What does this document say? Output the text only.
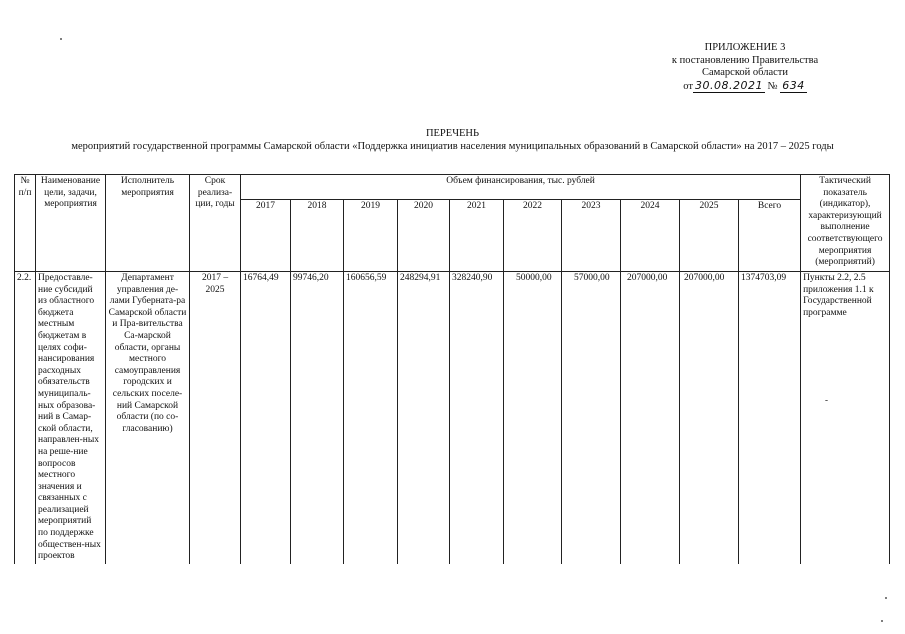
ПРИЛОЖЕНИЕ 3
к постановлению Правительства
Самарской области
от 30.08.2021 № 634
ПЕРЕЧЕНЬ
мероприятий государственной программы Самарской области «Поддержка инициатив населения муниципальных образований в Самарской области» на 2017 – 2025 годы
№ п/п	Наименование цели, задачи, мероприятия	Исполнитель мероприятия	Срок реализа-ции, годы	Объем финансирования, тыс. рублей										Тактический показатель (индикатор), характеризующий выполнение соответствующего мероприятия (мероприятий)
				2017	2018	2019	2020	2021	2022	2023	2024	2025	Всего	
2.2.	Предоставле-ние субсидий из областного бюджета местным бюджетам в целях софи-нансирования расходных обязательств муниципаль-ных образова-ний в Самар-ской области, направлен-ных на реше-ние вопросов местного значения и связанных с реализацией мероприятий по поддержке обществен-ных проектов	Департамент управления де-лами Губерната-ра Самарской области и Пра-вительства Са-марской области, органы местного самоуправления городских и сельских поселе-ний Самарской области (по со-гласованию)	2017 – 2025	16764,49	99746,20	160656,59	248294,91	328240,90	50000,00	57000,00	207000,00	207000,00	1374703,09	Пункты 2.2, 2.5 приложения 1.1 к Государственной программе
